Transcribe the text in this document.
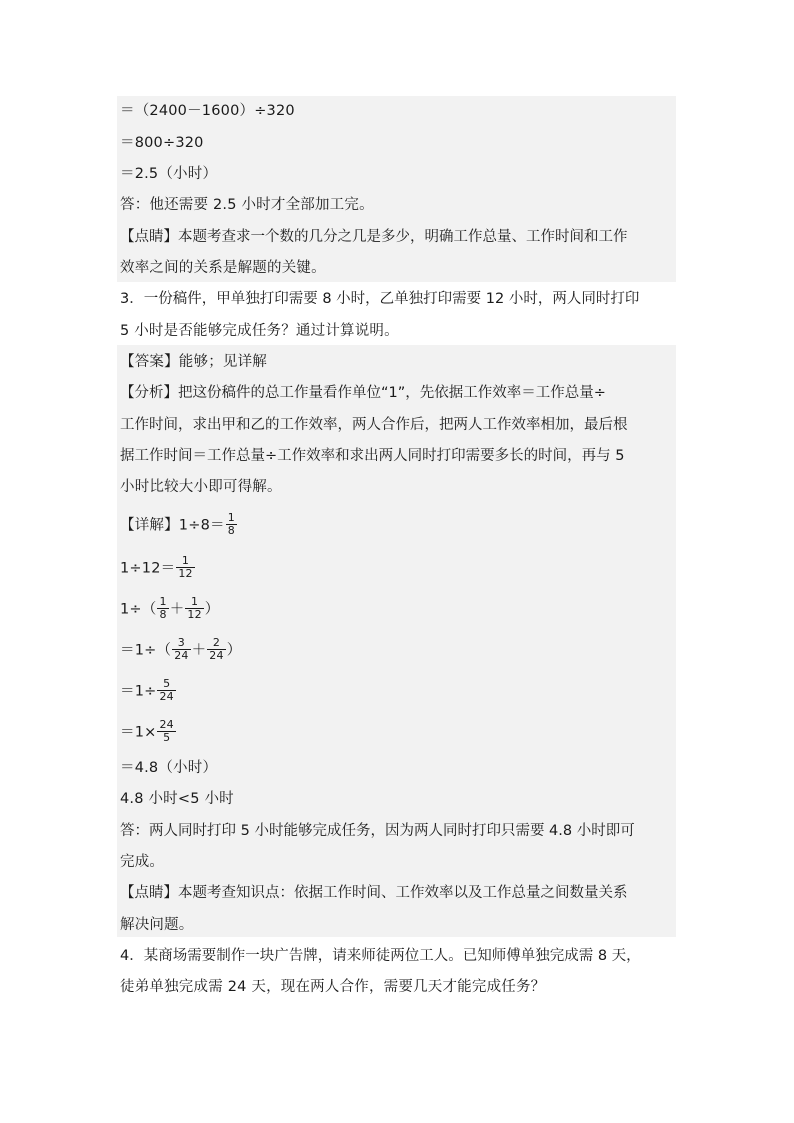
＝（2400－1600）÷320
＝800÷320
＝2.5（小时）
答：他还需要 2.5 小时才全部加工完。
【点睛】本题考查求一个数的几分之几是多少，明确工作总量、工作时间和工作
效率之间的关系是解题的关键。
3．一份稿件，甲单独打印需要 8 小时，乙单独打印需要 12 小时，两人同时打印
5 小时是否能够完成任务？通过计算说明。
【答案】能够；见详解
【分析】把这份稿件的总工作量看作单位“1”，先依据工作效率＝工作总量÷
工作时间，求出甲和乙的工作效率，两人合作后，把两人工作效率相加，最后根
据工作时间＝工作总量÷工作效率和求出两人同时打印需要多长的时间，再与 5
小时比较大小即可得解。
【详解】$1\div 8= \frac{1}{8}$
$1\div 12= \frac{1}{12}$
$1\div( \frac{1}{8} + \frac{1}{12}$ ）
$=1\div( \frac{3}{24} + \frac{2}{24}$ ）
$=1\div \frac{5}{24}$
$=1\times \frac{24}{5}$
＝4.8（小时）
4.8 小时<5 小时
答：两人同时打印 5 小时能够完成任务，因为两人同时打印只需要 4.8 小时即可
完成。
【点睛】本题考查知识点：依据工作时间、工作效率以及工作总量之间数量关系
解决问题。
4．某商场需要制作一块广告牌，请来师徒两位工人。已知师傅单独完成需 8 天，
徒弟单独完成需 24 天，现在两人合作，需要几天才能完成任务？
